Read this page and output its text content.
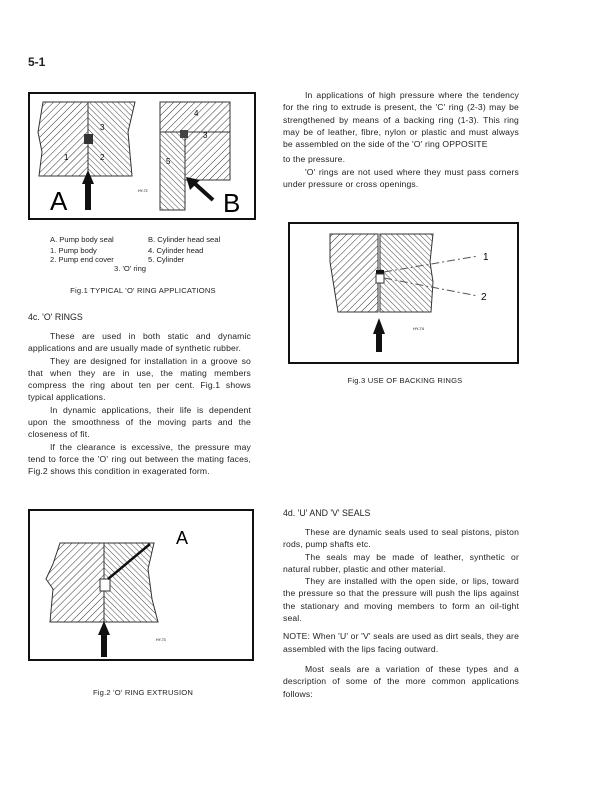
5-1
A	B
1	2
3
3
4
5
HY-72
A. Pump body seal	B. Cylinder head seal
1. Pump body	4. Cylinder head
2. Pump end cover	5. Cylinder
3. 'O' ring
Fig.1 TYPICAL 'O' RING APPLICATIONS
4c. 'O' RINGS

These are used in both static and dynamic applications and are usually made of synthetic rubber.

They are designed for installation in a groove so that when they are in use, the mating members compress the ring about ten per cent. Fig.1 shows typical applications.

In dynamic applications, their life is dependent upon the smoothness of the moving parts and the closeness of fit.

If the clearance is excessive, the pressure may tend to force the 'O' ring out between the mating faces, Fig.2 shows this condition in exagerated form.

A
HY-73
Fig.2 'O' RING EXTRUSION

In applications of high pressure where the tendency for the ring to extrude is present, the 'C' ring (2-3) may be strengthened by means of a backing ring (1-3). This ring may be of leather, fibre, nylon or plastic and must always be assembled on the side of the 'O' ring OPPOSITE

to the pressure.

'O' rings are not used where they must pass corners under pressure or cross openings.

1
2
HY-74
Fig.3 USE OF BACKING RINGS
4d. 'U' AND 'V' SEALS

These are dynamic seals used to seal pistons, piston rods, pump shafts etc.

The seals may be made of leather, synthetic or natural rubber, plastic and other material.

They are installed with the open side, or lips, toward the pressure so that the pressure will push the lips against the stationary and moving members to form an oil-tight seal.

NOTE: When 'U' or 'V' seals are used as dirt seals, they are assembled with the lips facing outward.

Most seals are a variation of these types and a description of some of the more common applications follows:
